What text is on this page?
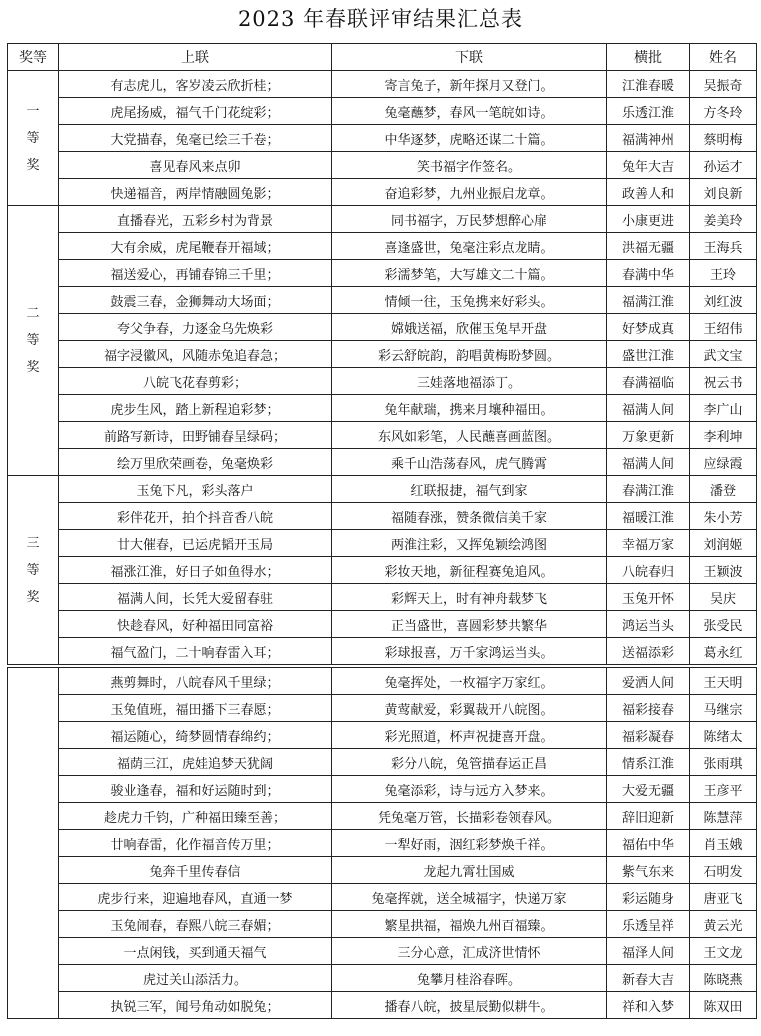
2023 年春联评审结果汇总表
奖等	上联	下联	横批	姓名

一
等
奖	有志虎儿，客岁凌云欣折桂；	寄言兔子，新年探月又登门。	江淮春暖	吴振奇
	虎尾扬威，福气千门花绽彩；	兔毫蘸梦，春风一笔皖如诗。	乐透江淮	方冬玲
	大党描春，兔毫已绘三千卷；	中华逐梦，虎略还谋二十篇。	福满神州	蔡明梅
	喜见春风来点卯	笑书福字作签名。	兔年大吉	孙运才
	快递福音，两岸情融圆兔影；	奋追彩梦，九州业振启龙章。	政善人和	刘良新

二
等
奖	直播春光，五彩乡村为背景	同书福字，万民梦想醉心扉	小康更进	姜美玲
	大有余威，虎尾鞭春开福域；	喜逢盛世，兔毫注彩点龙睛。	洪福无疆	王海兵
	福送爱心，再铺春锦三千里；	彩濡梦笔，大写雄文二十篇。	春满中华	王玲
	鼓震三春，金狮舞动大场面；	情倾一往，玉兔携来好彩头。	福满江淮	刘红波
	夸父争春，力逐金乌先焕彩	嫦娥送福，欣催玉兔早开盘	好梦成真	王绍伟
	福字浸徽风，风随赤兔追春急；	彩云舒皖韵，韵唱黄梅盼梦圆。	盛世江淮	武文宝
	八皖飞花春剪彩；	三娃落地福添丁。	春满福临	祝云书
	虎步生风，踏上新程追彩梦；	兔年献瑞，携来月壤种福田。	福满人间	李广山
	前路写新诗，田野铺春呈绿码；	东风如彩笔，人民蘸喜画蓝图。	万象更新	李利坤
	绘万里欣荣画卷，兔毫焕彩	乘千山浩荡春风，虎气腾霄	福满人间	应绿霞

三
等
奖	玉兔下凡，彩头落户	红联报捷，福气到家	春满江淮	潘登
	彩伴花开，拍个抖音香八皖	福随春涨，赞条微信美千家	福暖江淮	朱小芳
	廿大催春，已运虎韬开玉局	两淮注彩，又挥兔颖绘鸿图	幸福万家	刘润姬
	福涨江淮，好日子如鱼得水；	彩妆天地，新征程赛兔追风。	八皖春归	王颖波
	福满人间，长凭大爱留春驻	彩辉天上，时有神舟载梦飞	玉兔开怀	吴庆
	快趁春风，好种福田同富裕	正当盛世，喜圆彩梦共繁华	鸿运当头	张受民
	福气盈门，二十响春雷入耳；	彩球报喜，万千家鸿运当头。	送福添彩	葛永红
	燕剪舞时，八皖春风千里绿；	兔毫挥处，一枚福字万家红。	爱洒人间	王天明
	玉兔值班，福田播下三春愿；	黄莺献爱，彩翼裁开八皖图。	福彩接春	马继宗
	福运随心，绮梦圆情春绵约；	彩光照道，杯声祝捷喜开盘。	福彩凝春	陈绪太
	福荫三江，虎娃追梦天犹阔	彩分八皖，兔管描春运正昌	情系江淮	张雨琪
	骏业逢春，福和好运随时到；	兔毫添彩，诗与远方入梦来。	大爱无疆	王彦平
	趁虎力千钧，广种福田臻至善；	凭兔毫万管，长描彩卷领春风。	辞旧迎新	陈慧萍
	廿响春雷，化作福音传万里；	一犁好雨，洇红彩梦焕千祥。	福佑中华	肖玉娥
	兔奔千里传春信	龙起九霄壮国威	紫气东来	石明发
	虎步行来，迎遍地春风，直通一梦	兔毫挥就，送全城福字，快递万家	彩运随身	唐亚飞
	玉兔闹春，春熙八皖三春媚；	繁星拱福，福焕九州百福臻。	乐透呈祥	黄云光
	一点闲钱，买到通天福气	三分心意，汇成济世情怀	福泽人间	王文龙
	虎过关山添活力。	兔攀月桂浴春晖。	新春大吉	陈晓燕
	执锐三军，闻号角动如脱兔；	播春八皖，披星辰勤似耕牛。	祥和入梦	陈双田
